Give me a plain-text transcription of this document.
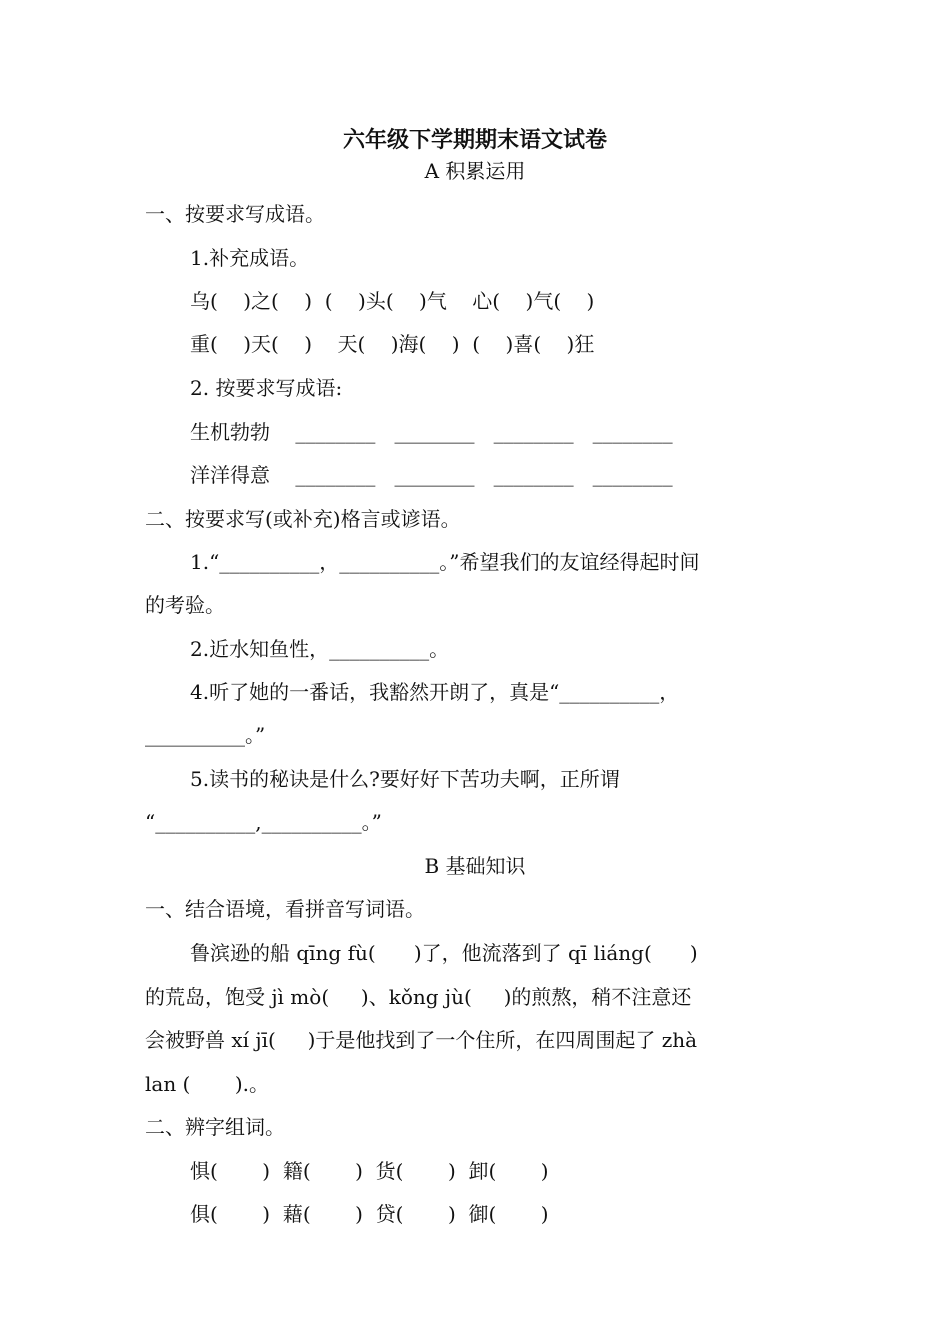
六年级下学期期末语文试卷
A 积累运用
一、按要求写成语。
1.补充成语。
乌(    )之(    )  (    )头(    )气    心(    )气(    )
重(    )天(    )    天(    )海(    )  (    )喜(    )狂
2. 按要求写成语:
生机勃勃    ________   ________   ________   ________
洋洋得意    ________   ________   ________   ________
二、按要求写(或补充)格言或谚语。
1.“__________，__________。”希望我们的友谊经得起时间
的考验。
2.近水知鱼性，__________。
4.听了她的一番话，我豁然开朗了，真是“__________，
__________。”
5.读书的秘诀是什么?要好好下苦功夫啊，正所谓
“__________,__________。”
B 基础知识
一、结合语境，看拼音写词语。
鲁滨逊的船 qīng fù(      )了，他流落到了 qī liáng(      )
的荒岛，饱受 jì mò(     )、kǒng jù(     )的煎熬，稍不注意还
会被野兽 xí jī(     )于是他找到了一个住所，在四周围起了 zhà
lan (       ).。
二、辨字组词。
惧(       )  籍(       )  货(       )  卸(       )
俱(       )  藉(       )  贷(       )  御(       )
